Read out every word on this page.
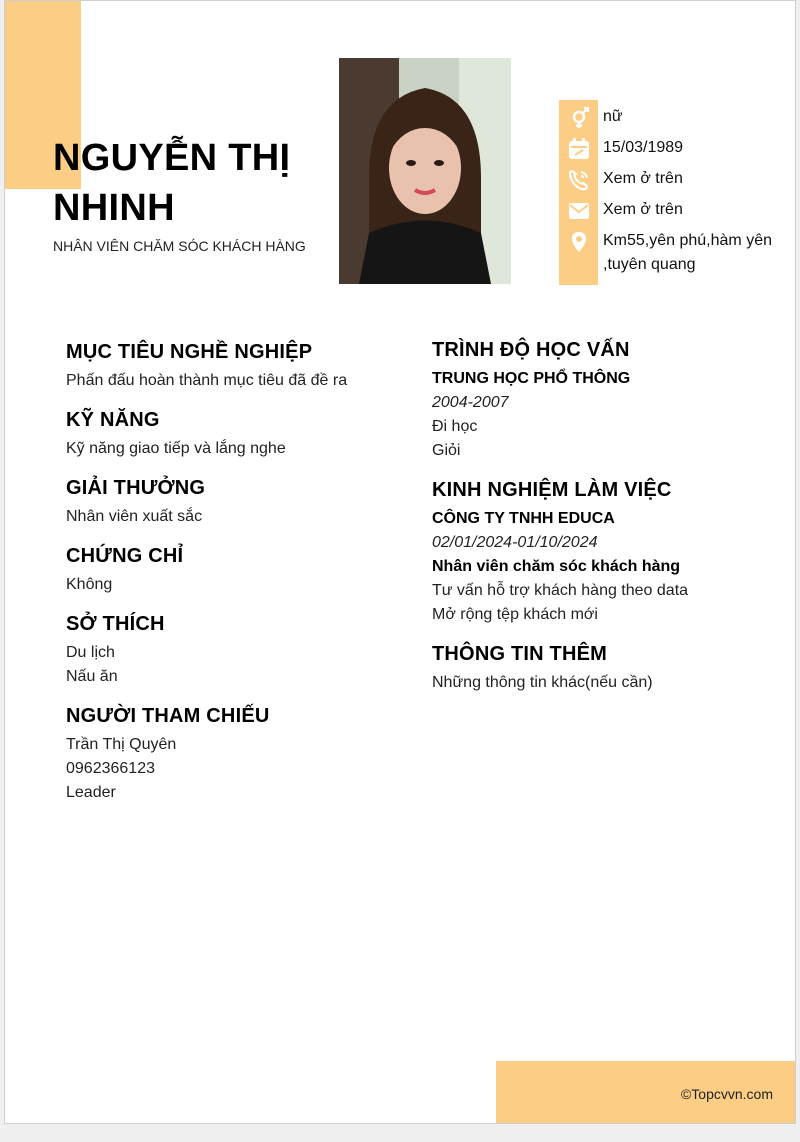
NGUYỄN THỊ NHINH
NHÂN VIÊN CHĂM SÓC KHÁCH HÀNG
nữ
15/03/1989
Xem ở trên
Xem ở trên
Km55,yên phú,hàm yên ,tuyên quang
MỤC TIÊU NGHỀ NGHIỆP
Phấn đấu hoàn thành mục tiêu đã đề ra
KỸ NĂNG
Kỹ năng giao tiếp và lắng nghe
GIẢI THƯỞNG
Nhân viên xuất sắc
CHỨNG CHỈ
Không
SỞ THÍCH
Du lịch
Nấu ăn
NGƯỜI THAM CHIẾU
Trần Thị Quyên
0962366123
Leader
TRÌNH ĐỘ HỌC VẤN
TRUNG HỌC PHỔ THÔNG
2004-2007
Đi học
Giỏi
KINH NGHIỆM LÀM VIỆC
CÔNG TY TNHH EDUCA
02/01/2024-01/10/2024
Nhân viên chăm sóc khách hàng
Tư vấn hỗ trợ khách hàng theo data
Mở rộng tệp khách mới
THÔNG TIN THÊM
Những thông tin khác(nếu cần)
©Topcvvn.com
